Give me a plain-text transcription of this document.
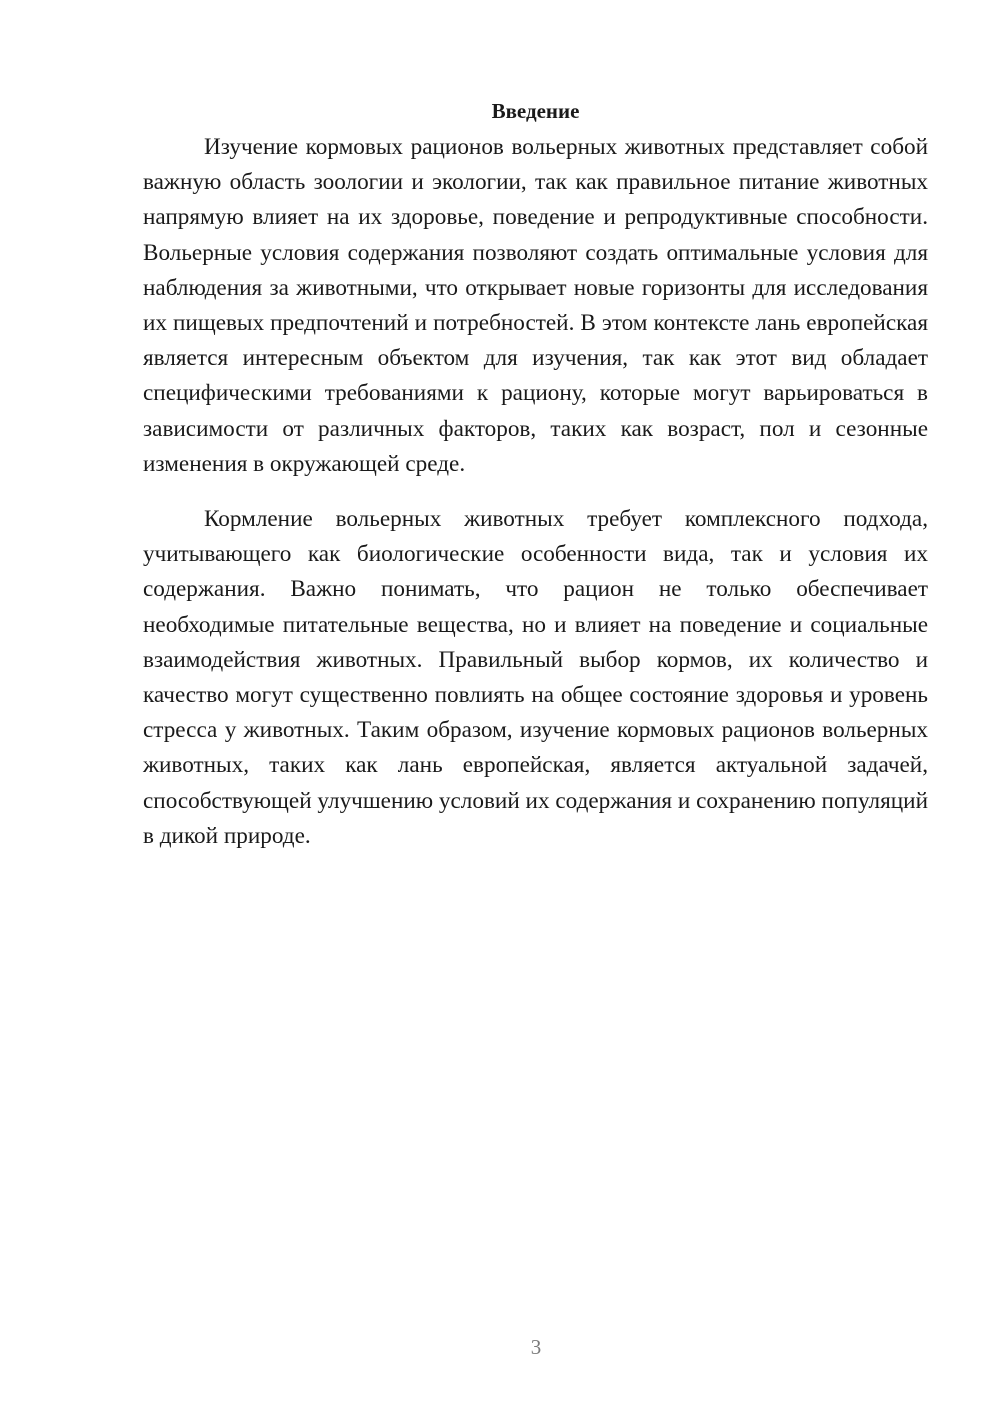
Введение

Изучение кормовых рационов вольерных животных представляет собой важную область зоологии и экологии, так как правильное питание животных напрямую влияет на их здоровье, поведение и репродуктивные способности. Вольерные условия содержания позволяют создать оптимальные условия для наблюдения за животными, что открывает новые горизонты для исследования их пищевых предпочтений и потребностей. В этом контексте лань европейская является интересным объектом для изучения, так как этот вид обладает специфическими требованиями к рациону, которые могут варьироваться в зависимости от различных факторов, таких как возраст, пол и сезонные изменения в окружающей среде.

Кормление вольерных животных требует комплексного подхода, учитывающего как биологические особенности вида, так и условия их содержания. Важно понимать, что рацион не только обеспечивает необходимые питательные вещества, но и влияет на поведение и социальные взаимодействия животных. Правильный выбор кормов, их количество и качество могут существенно повлиять на общее состояние здоровья и уровень стресса у животных. Таким образом, изучение кормовых рационов вольерных животных, таких как лань европейская, является актуальной задачей, способствующей улучшению условий их содержания и сохранению популяций в дикой природе.

3
